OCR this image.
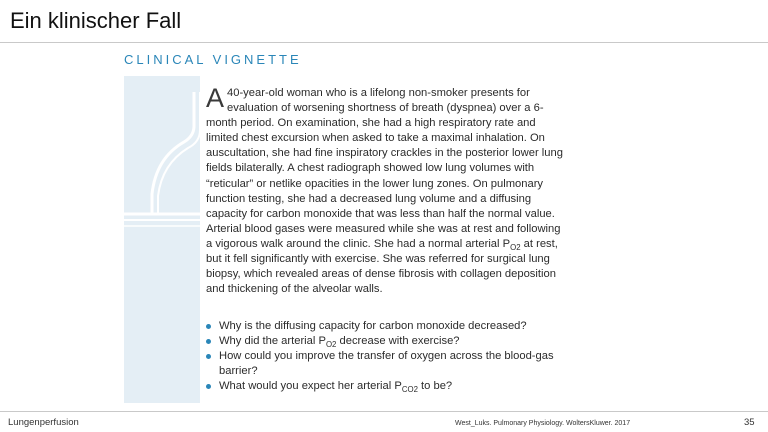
Ein klinischer Fall
CLINICAL VIGNETTE

A 40-year-old woman who is a lifelong non-smoker presents for evaluation of worsening shortness of breath (dyspnea) over a 6-month period. On examination, she had a high respiratory rate and limited chest excursion when asked to take a maximal inhalation. On auscultation, she had fine inspiratory crackles in the posterior lower lung fields bilaterally. A chest radiograph showed low lung volumes with “reticular” or netlike opacities in the lower lung zones. On pulmonary function testing, she had a decreased lung volume and a diffusing capacity for carbon monoxide that was less than half the normal value. Arterial blood gases were measured while she was at rest and following a vigorous walk around the clinic. She had a normal arterial $P_{O2}$ at rest, but it fell significantly with exercise. She was referred for surgical lung biopsy, which revealed areas of dense fibrosis with collagen deposition and thickening of the alveolar walls.

Why is the diffusing capacity for carbon monoxide decreased?
Why did the arterial $P_{O2}$ decrease with exercise?
How could you improve the transfer of oxygen across the blood-gas barrier?
What would you expect her arterial $P_{CO2}$ to be?
Lungenperfusion	West_Luks. Pulmonary Physiology. WoltersKluwer. 2017	35
